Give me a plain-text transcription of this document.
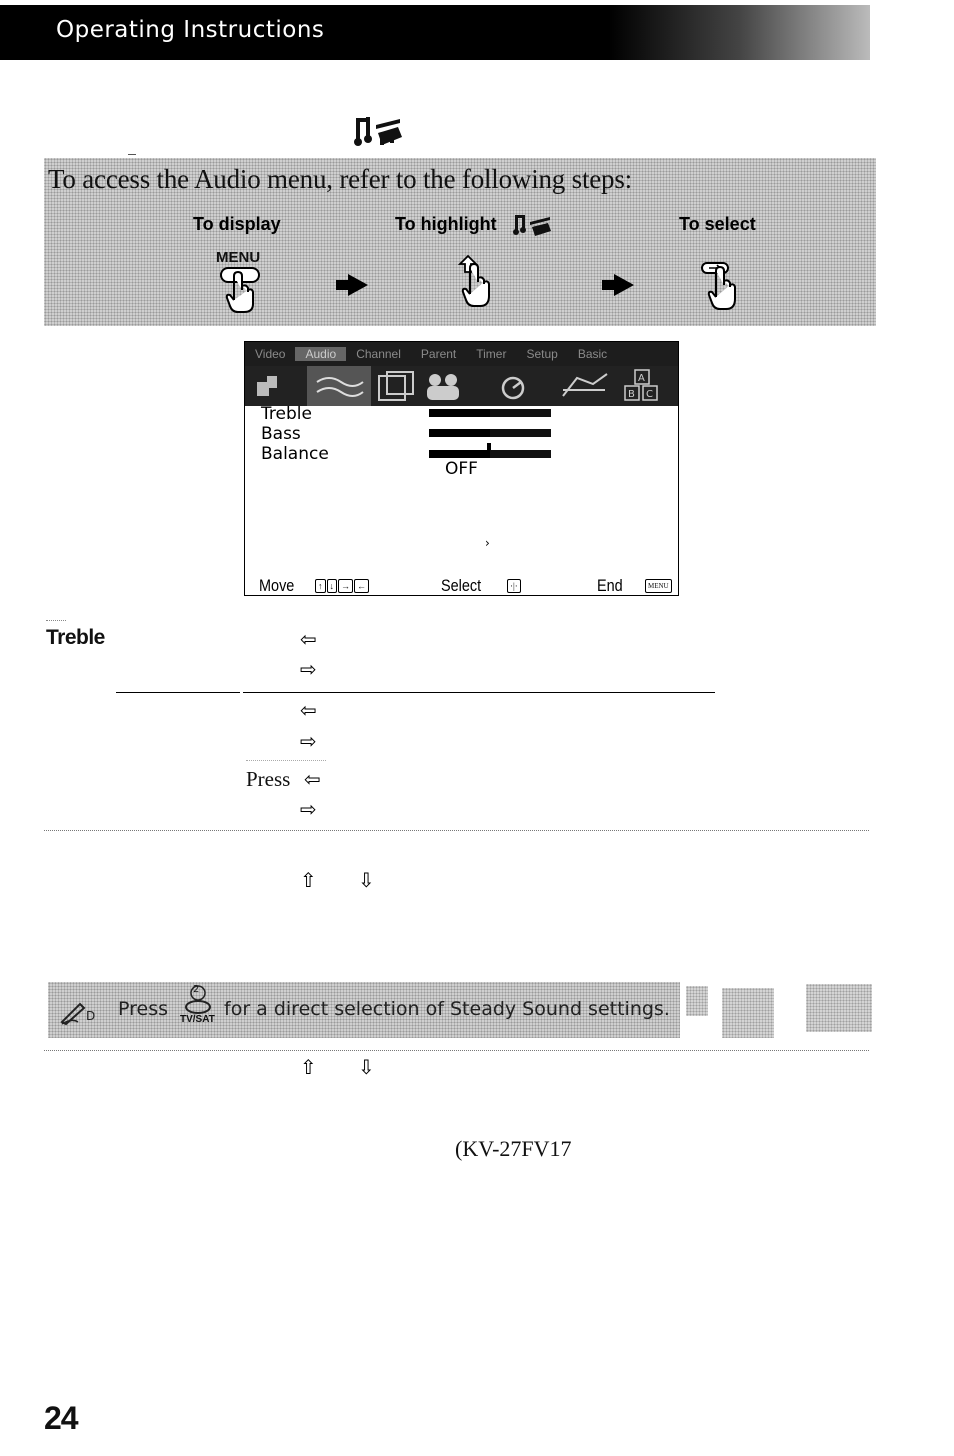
Operating Instructions
To access the Audio menu, refer to the following steps:
To display	To highlight	To select
MENU
Video	Audio	Channel	Parent	Timer	Setup	Basic
A
B C
Treble
Bass
Balance
OFF
›
Move	↑ ↓ → ←	Select	·|·	End	MENU
Treble	⇦
⇨
⇦
⇨
Press ⇦
⇨
⇧ ⇩
D Press
2
TV/SAT for a direct selection of Steady Sound settings.
⇧ ⇩
(KV-27FV17
24
